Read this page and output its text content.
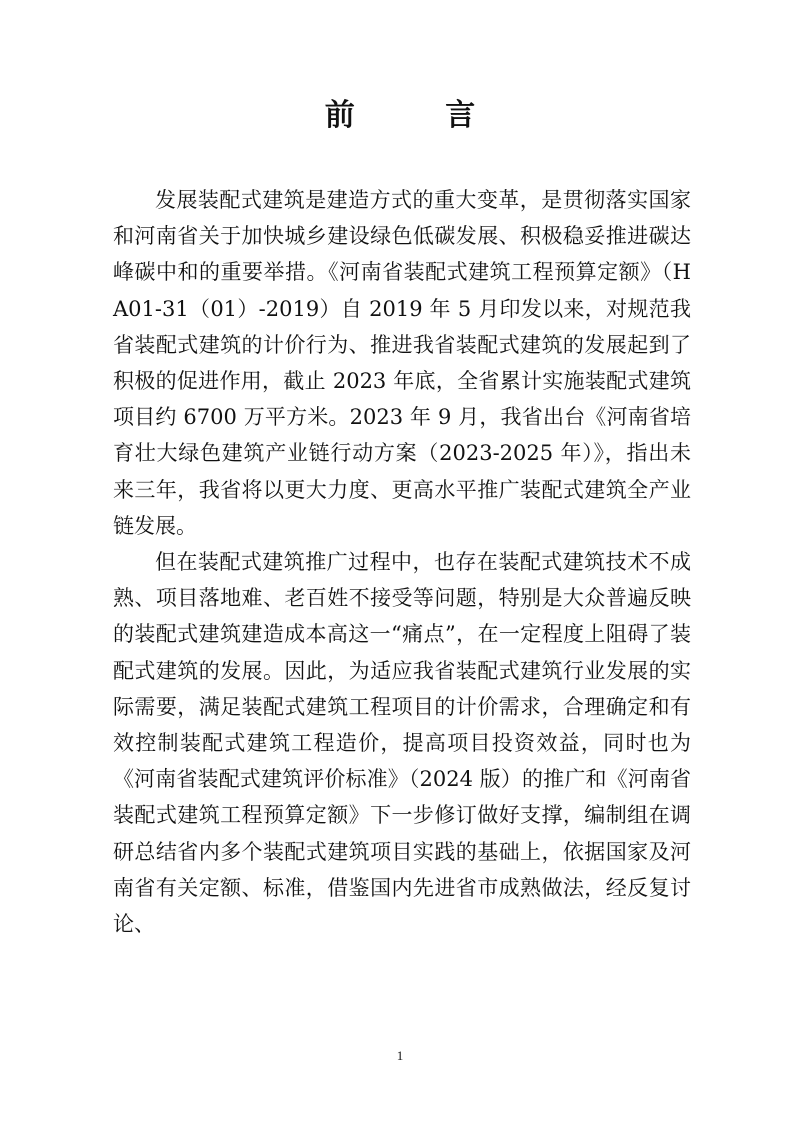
前 言

发展装配式建筑是建造方式的重大变革，是贯彻落实国家和河南省关于加快城乡建设绿色低碳发展、积极稳妥推进碳达峰碳中和的重要举措。《河南省装配式建筑工程预算定额》（HA01-31（01）-2019）自 2019 年 5 月印发以来，对规范我省装配式建筑的计价行为、推进我省装配式建筑的发展起到了积极的促进作用，截止 2023 年底，全省累计实施装配式建筑项目约 6700 万平方米。2023 年 9 月，我省出台《河南省培育壮大绿色建筑产业链行动方案（2023-2025 年）》，指出未来三年，我省将以更大力度、更高水平推广装配式建筑全产业链发展。

但在装配式建筑推广过程中，也存在装配式建筑技术不成熟、项目落地难、老百姓不接受等问题，特别是大众普遍反映的装配式建筑建造成本高这一“痛点”，在一定程度上阻碍了装配式建筑的发展。因此，为适应我省装配式建筑行业发展的实际需要，满足装配式建筑工程项目的计价需求，合理确定和有效控制装配式建筑工程造价，提高项目投资效益，同时也为《河南省装配式建筑评价标准》（2024 版）的推广和《河南省装配式建筑工程预算定额》下一步修订做好支撑，编制组在调研总结省内多个装配式建筑项目实践的基础上，依据国家及河南省有关定额、标准，借鉴国内先进省市成熟做法，经反复讨论、

1
